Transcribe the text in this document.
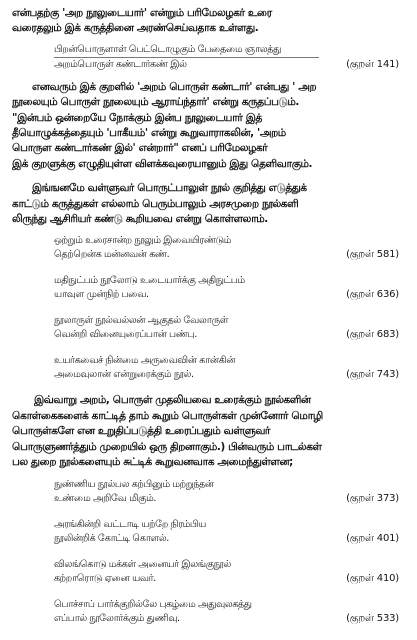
என்பதற்கு 'அற நூலுடையார்' என்றும் பரிமேலழகர் உரை
வரைதலும் இக் கருத்தினை அரண்செய்வதாக உள்ளது.

பிறன்பொருளாள் பெட்டொழுகும் பேதைமை ஞாலத்து
அறம்பொருள் கண்டார்கண் இல்	(குறள் 141)

எனவரும் இக் குறளில் 'அறம் பொருள் கண்டார்' என்பது ' அற
நூலையும் பொருள் நூலையும் ஆராய்ந்தார்' என்று கருதப்படும்.
"இன்பம் ஒன்றையே நோக்கும் இன்ப நூலுடையார் இத்
தீயொழுக்கத்தையும் 'பாகீயம்' என்று கூறுவாராகலின், 'அறம்
பொருள கண்டார்கண் இல்' என்றார்" எனப் பரிமேலழகர்
இக் குறளுக்கு எழுதியுள்ள விளக்கவுரையானும் இது தெளிவாகும்.

இங்ஙனமே வள்ளுவர் பொருட்பாலுள் நூல் குறித்து எடுத்துக்
காட்டும் கருத்துகள் எல்லாம் பெரும்பாலும் அரசமுறை நூல்களி
லிருந்து ஆசிரியர் கண்டு கூறியவை என்று கொள்ளலாம்.

ஒற்றும் உரைசான்ற நூலும் இவையிரண்டும்
தெற்றென்க மன்னவன் கண்.	(குறள் 581)
மதிநுட்பம் நூலோடு உடையார்க்கு அதிநுட்பம்
யாவுள முன்நிற் பவை.	(குறள் 636)
நூலாருள் நூல்வல்லன் ஆகுதல் வேலாருள்
வென்றி வினையுரைப்பான் பண்பு.	(குறள் 683)
உயர்கவைச் நின்மை அருவைவின் கான்கின்
அமைவுலான் என்றுரைக்கும் நூல்.	(குறள் 743)

இவ்வாறு அறம், பொருள் முதலியவை உரைக்கும் நூல்களின்
கொள்கைகளைக் காட்டித் தாம் கூறும் பொருள்கள் முன்னோர் மொழி
பொருள்களே என உறுதிப்படுத்தி உரைப்பதும் வள்ளுவர்
பொருளுணர்த்தும் முறையில் ஒரு திறனாகும்.) பின்வரும் பாடல்கள்
பல துறை நூல்களையும் சுட்டிக் கூறுவனவாக அமைந்துள்ளன;

நுண்ணிய நூல்பல கற்பினும் மற்றுந்தன்
உண்மை அறிவே மிகும்.	(குறள் 373)
அரங்கின்றி வட்டாடி யற்றே நிரம்பிய
நூலின்றிக் கோட்டி கொளல்.	(குறள் 401)
விலங்கொடு மக்கள் அனையர் இலங்குநூல்
கற்றாரொடு ஏனை யவர்.	(குறள் 410)
பொச்சாப் பார்க்குறில்லே புகழ்மை அதுவுலகத்து
எப்பால் நூலோர்க்கும் துணிவு.	(குறள் 533)
